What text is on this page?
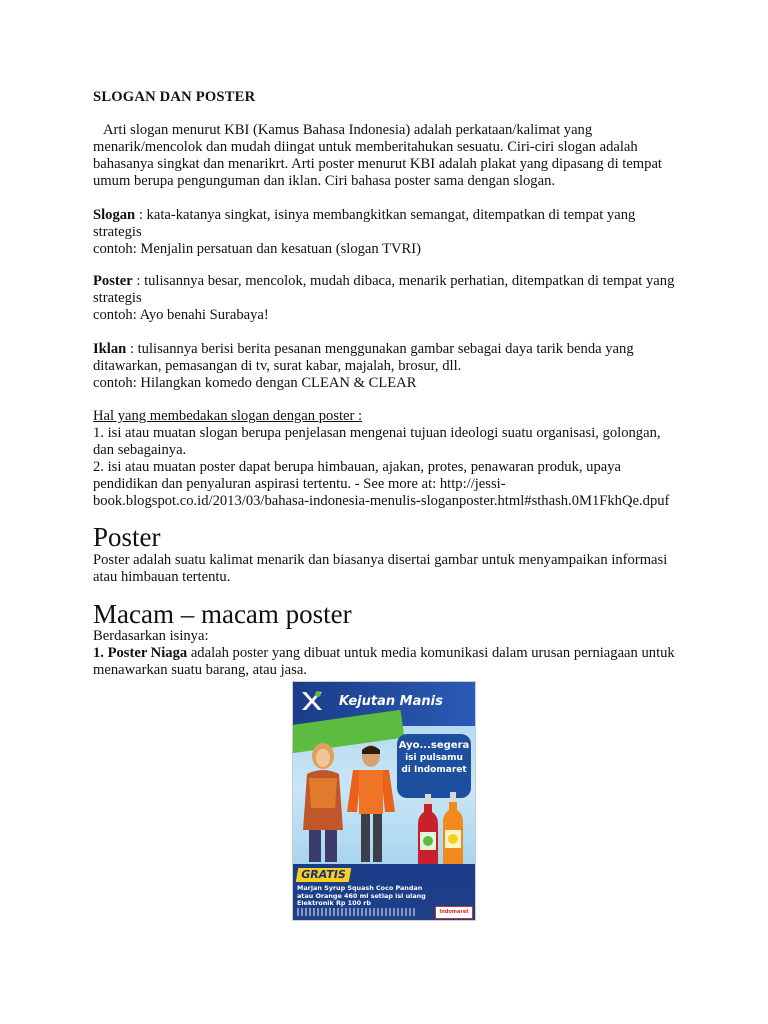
SLOGAN DAN POSTER
Arti slogan menurut KBI (Kamus Bahasa Indonesia) adalah perkataan/kalimat yang menarik/mencolok dan mudah diingat untuk memberitahukan sesuatu. Ciri-ciri slogan adalah bahasanya singkat dan menarikrt. Arti poster menurut KBI adalah plakat yang dipasang di tempat umum berupa pengunguman dan iklan. Ciri bahasa poster sama dengan slogan.
Slogan : kata-katanya singkat, isinya membangkitkan semangat, ditempatkan di tempat yang strategis
contoh: Menjalin persatuan dan kesatuan (slogan TVRI)
Poster : tulisannya besar, mencolok, mudah dibaca, menarik perhatian, ditempatkan di tempat yang strategis
contoh: Ayo benahi Surabaya!
Iklan : tulisannya berisi berita pesanan menggunakan gambar sebagai daya tarik benda yang ditawarkan, pemasangan di tv, surat kabar, majalah, brosur, dll.
contoh: Hilangkan komedo dengan CLEAN & CLEAR
Hal yang membedakan slogan dengan poster :
1. isi atau muatan slogan berupa penjelasan mengenai tujuan ideologi suatu organisasi, golongan, dan sebagainya.
2. isi atau muatan poster dapat berupa himbauan, ajakan, protes, penawaran produk, upaya pendidikan dan penyaluran aspirasi tertentu. - See more at: http://jessi-book.blogspot.co.id/2013/03/bahasa-indonesia-menulis-sloganposter.html#sthash.0M1FkhQe.dpuf
Poster
Poster adalah suatu kalimat menarik dan biasanya disertai gambar untuk menyampaikan informasi atau himbauan tertentu.
Macam – macam poster
Berdasarkan isinya:
1. Poster Niaga adalah poster yang dibuat untuk media komunikasi dalam urusan perniagaan untuk menawarkan suatu barang, atau jasa.
Kejutan Manis
Ayo...segera
isi pulsamu
di Indomaret
GRATIS
Marjan Syrup Squash Coco Pandan
atau Orange 460 ml setiap isi ulang
Elektronik Rp 100 rb
Indomaret
